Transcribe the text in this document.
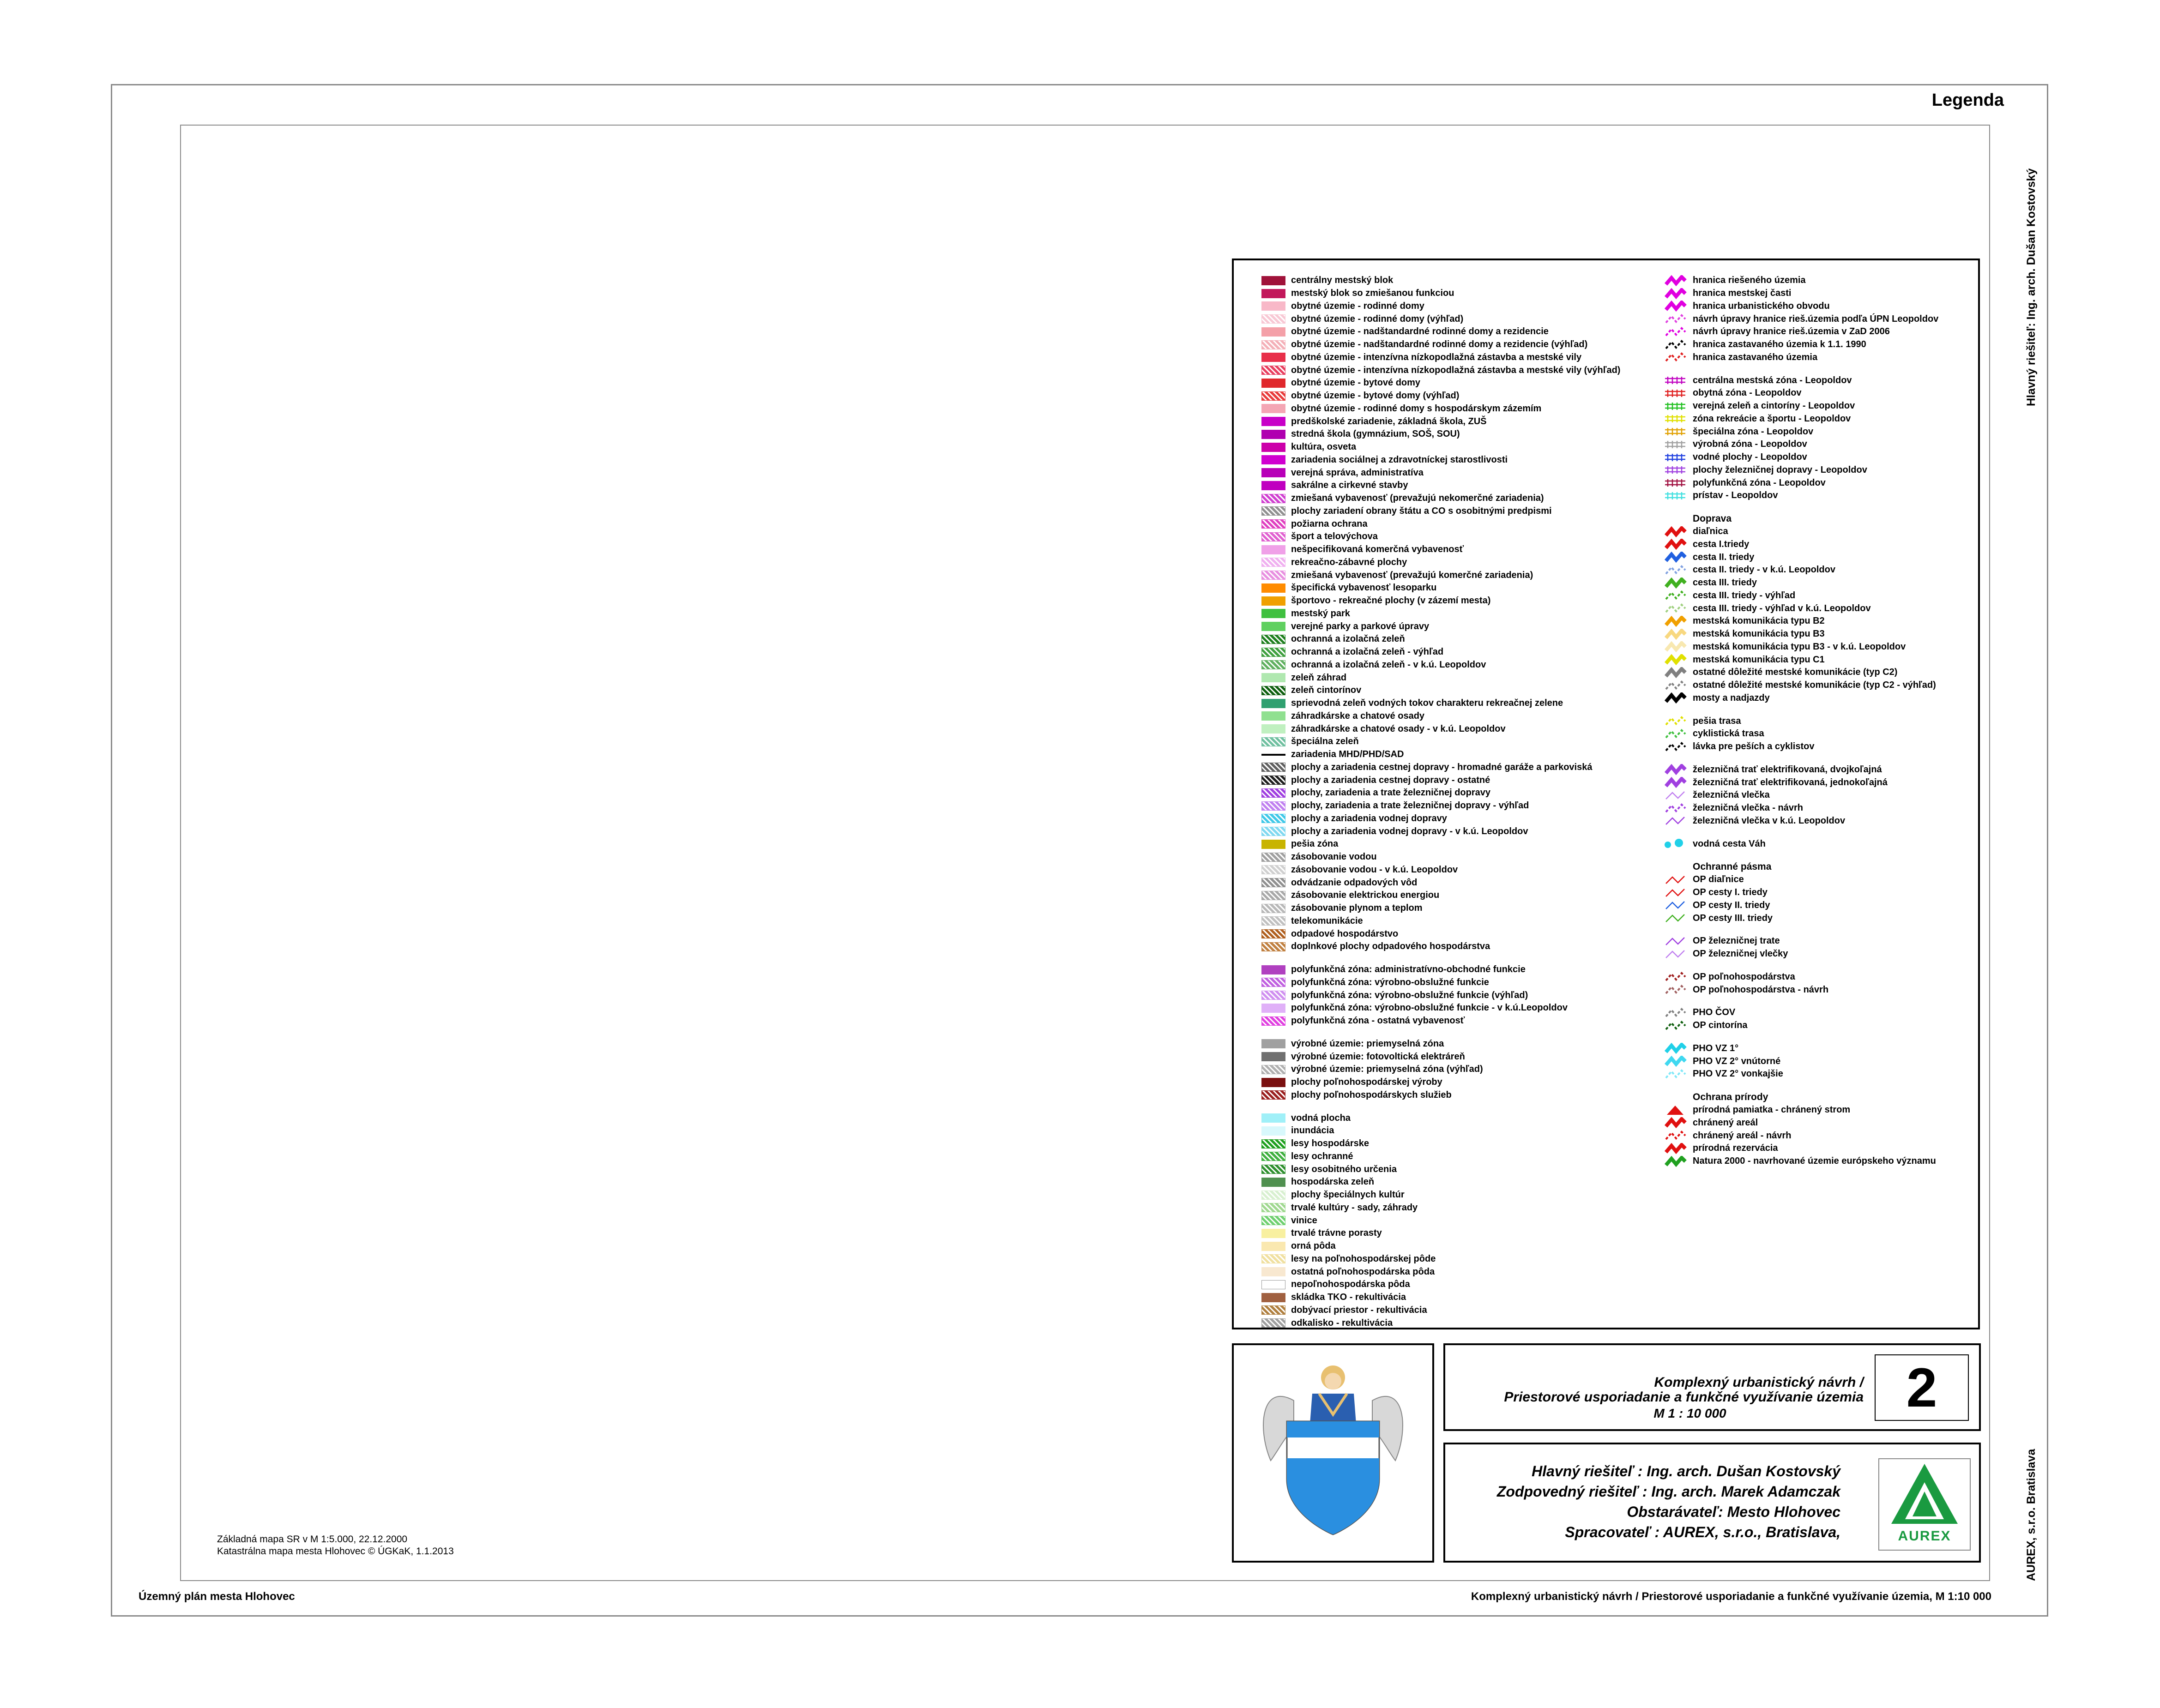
Legenda
Hlavný riešiteľ: Ing. arch. Dušan Kostovský
AUREX, s.r.o. Bratislava
centrálny mestský blok
mestský blok so zmiešanou funkciou
obytné územie - rodinné domy
obytné územie - rodinné domy (výhľad)
obytné územie - nadštandardné rodinné domy a rezidencie
obytné územie - nadštandardné rodinné domy a rezidencie (výhľad)
obytné územie - intenzívna nízkopodlažná zástavba a mestské vily
obytné územie - intenzívna nízkopodlažná zástavba a mestské vily (výhľad)
obytné územie - bytové domy
obytné územie - bytové domy (výhľad)
obytné územie - rodinné domy s hospodárskym zázemím
predškolské zariadenie, základná škola, ZUŠ
stredná škola (gymnázium, SOŠ, SOU)
kultúra, osveta
zariadenia sociálnej a zdravotníckej starostlivosti
verejná správa, administratíva
sakrálne a cirkevné stavby
zmiešaná vybavenosť (prevažujú nekomerčné zariadenia)
plochy zariadení obrany štátu a CO s osobitnými predpismi
požiarna ochrana
šport a telovýchova
nešpecifikovaná komerčná vybavenosť
rekreačno-zábavné plochy
zmiešaná vybavenosť (prevažujú komerčné zariadenia)
špecifická vybavenosť lesoparku
športovo - rekreačné plochy (v zázemí mesta)
mestský park
verejné parky a parkové úpravy
ochranná a izolačná zeleň
ochranná a izolačná zeleň - výhľad
ochranná a izolačná zeleň - v k.ú. Leopoldov
zeleň záhrad
zeleň cintorínov
sprievodná zeleň vodných tokov charakteru rekreačnej zelene
záhradkárske a chatové osady
záhradkárske a chatové osady - v k.ú. Leopoldov
špeciálna zeleň
zariadenia MHD/PHD/SAD
plochy a zariadenia cestnej dopravy - hromadné garáže a parkoviská
plochy a zariadenia cestnej dopravy - ostatné
plochy, zariadenia a trate železničnej dopravy
plochy, zariadenia a trate železničnej dopravy - výhľad
plochy a zariadenia vodnej dopravy
plochy a zariadenia vodnej dopravy - v k.ú. Leopoldov
pešia zóna
zásobovanie vodou
zásobovanie vodou - v k.ú. Leopoldov
odvádzanie odpadových vôd
zásobovanie elektrickou energiou
zásobovanie plynom a teplom
telekomunikácie
odpadové hospodárstvo
doplnkové plochy odpadového hospodárstva
polyfunkčná zóna: administratívno-obchodné funkcie
polyfunkčná zóna: výrobno-obslužné funkcie
polyfunkčná zóna: výrobno-obslužné funkcie (výhľad)
polyfunkčná zóna: výrobno-obslužné funkcie - v k.ú.Leopoldov
polyfunkčná zóna - ostatná vybavenosť
výrobné územie: priemyselná zóna
výrobné územie: fotovoltická elektráreň
výrobné územie: priemyselná zóna (výhľad)
plochy poľnohospodárskej výroby
plochy poľnohospodárskych služieb
vodná plocha
inundácia
lesy hospodárske
lesy ochranné
lesy osobitného určenia
hospodárska zeleň
plochy špeciálnych kultúr
trvalé kultúry - sady, záhrady
vinice
trvalé trávne porasty
orná pôda
lesy na poľnohospodárskej pôde
ostatná poľnohospodárska pôda
nepoľnohospodárska pôda
skládka TKO - rekultivácia
dobývací priestor - rekultivácia
odkalisko - rekultivácia
hranica riešeného územia
hranica mestskej časti
hranica urbanistického obvodu
návrh úpravy hranice rieš.územia podľa ÚPN Leopoldov
návrh úpravy hranice rieš.územia v ZaD 2006
hranica zastavaného územia k 1.1. 1990
hranica zastavaného územia
centrálna mestská zóna - Leopoldov
obytná zóna - Leopoldov
verejná zeleň a cintoríny - Leopoldov
zóna rekreácie a športu - Leopoldov
špeciálna zóna - Leopoldov
výrobná zóna - Leopoldov
vodné plochy - Leopoldov
plochy železničnej dopravy - Leopoldov
polyfunkčná zóna - Leopoldov
prístav - Leopoldov
Doprava
diaľnica
cesta I.triedy
cesta II. triedy
cesta II. triedy - v k.ú. Leopoldov
cesta III. triedy
cesta III. triedy - výhľad
cesta III. triedy - výhľad v k.ú. Leopoldov
mestská komunikácia typu B2
mestská komunikácia typu B3
mestská komunikácia typu B3 - v k.ú. Leopoldov
mestská komunikácia typu C1
ostatné dôležité mestské komunikácie (typ C2)
ostatné dôležité mestské komunikácie (typ C2 - výhľad)
mosty a nadjazdy
pešia trasa
cyklistická trasa
lávka pre peších a cyklistov
železničná trať elektrifikovaná, dvojkoľajná
železničná trať elektrifikovaná, jednokoľajná
železničná vlečka
železničná vlečka - návrh
železničná vlečka v k.ú. Leopoldov
vodná cesta Váh
Ochranné pásma
OP diaľnice
OP cesty I. triedy
OP cesty II. triedy
OP cesty III. triedy
OP železničnej trate
OP železničnej vlečky
OP poľnohospodárstva
OP poľnohospodárstva - návrh
PHO ČOV
OP cintorína
PHO VZ 1°
PHO VZ 2° vnútorné
PHO VZ 2° vonkajšie
Ochrana prírody
prírodná pamiatka - chránený strom
chránený areál
chránený areál - návrh
prírodná rezervácia
Natura 2000 - navrhované územie európskeho významu
Komplexný urbanistický návrh /
Priestorové usporiadanie a funkčné využívanie územia
M 1 : 10 000	2
Hlavný riešiteľ : Ing. arch. Dušan Kostovský
Zodpovedný riešiteľ : Ing. arch. Marek Adamczak
Obstarávateľ: Mesto Hlohovec
Spracovateľ : AUREX, s.r.o., Bratislava,	AUREX
Základná mapa SR v M 1:5.000, 22.12.2000
Katastrálna mapa mesta Hlohovec © ÚGKaK, 1.1.2013
Územný plán mesta Hlohovec	Komplexný urbanistický návrh / Priestorové usporiadanie a funkčné využívanie územia, M 1:10 000
